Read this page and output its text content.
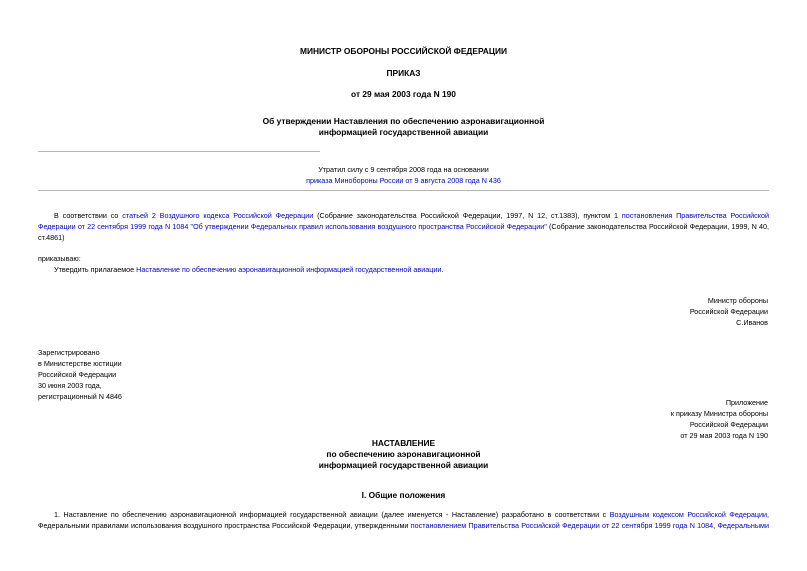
МИНИСТР ОБОРОНЫ РОССИЙСКОЙ ФЕДЕРАЦИИ
ПРИКАЗ
от 29 мая 2003 года N 190
Об утверждении Наставления по обеспечению аэронавигационной
информацией государственной авиации
Утратил силу с 9 сентября 2008 года на основании
приказа Минобороны России от 9 августа 2008 года N 436
В соответствии со статьей 2 Воздушного кодекса Российской Федерации (Собрание законодательства Российской Федерации, 1997, N 12, ст.1383), пунктом 1 постановления Правительства Российской
Федерации от 22 сентября 1999 года N 1084 "Об утверждении Федеральных правил использования воздушного пространства Российской Федерации" (Собрание законодательства Российской Федерации, 1999, N 40,
ст.4861)
приказываю:
Утвердить прилагаемое Наставление по обеспечению аэронавигационной информацией государственной авиации.
Министр обороны
Российской Федерации
С.Иванов
Зарегистрировано
в Министерстве юстиции
Российской Федерации
30 июня 2003 года,
регистрационный N 4846
Приложение
к приказу Министра обороны
Российской Федерации
от 29 мая 2003 года N 190
НАСТАВЛЕНИЕ
по обеспечению аэронавигационной
информацией государственной авиации
I. Общие положения
1. Наставление по обеспечению аэронавигационной информацией государственной авиации (далее именуется - Наставление) разработано в соответствии с Воздушным кодексом Российской Федерации,
Федеральными правилами использования воздушного пространства Российской Федерации, утвержденными постановлением Правительства Российской Федерации от 22 сентября 1999 года N 1084, Федеральными
